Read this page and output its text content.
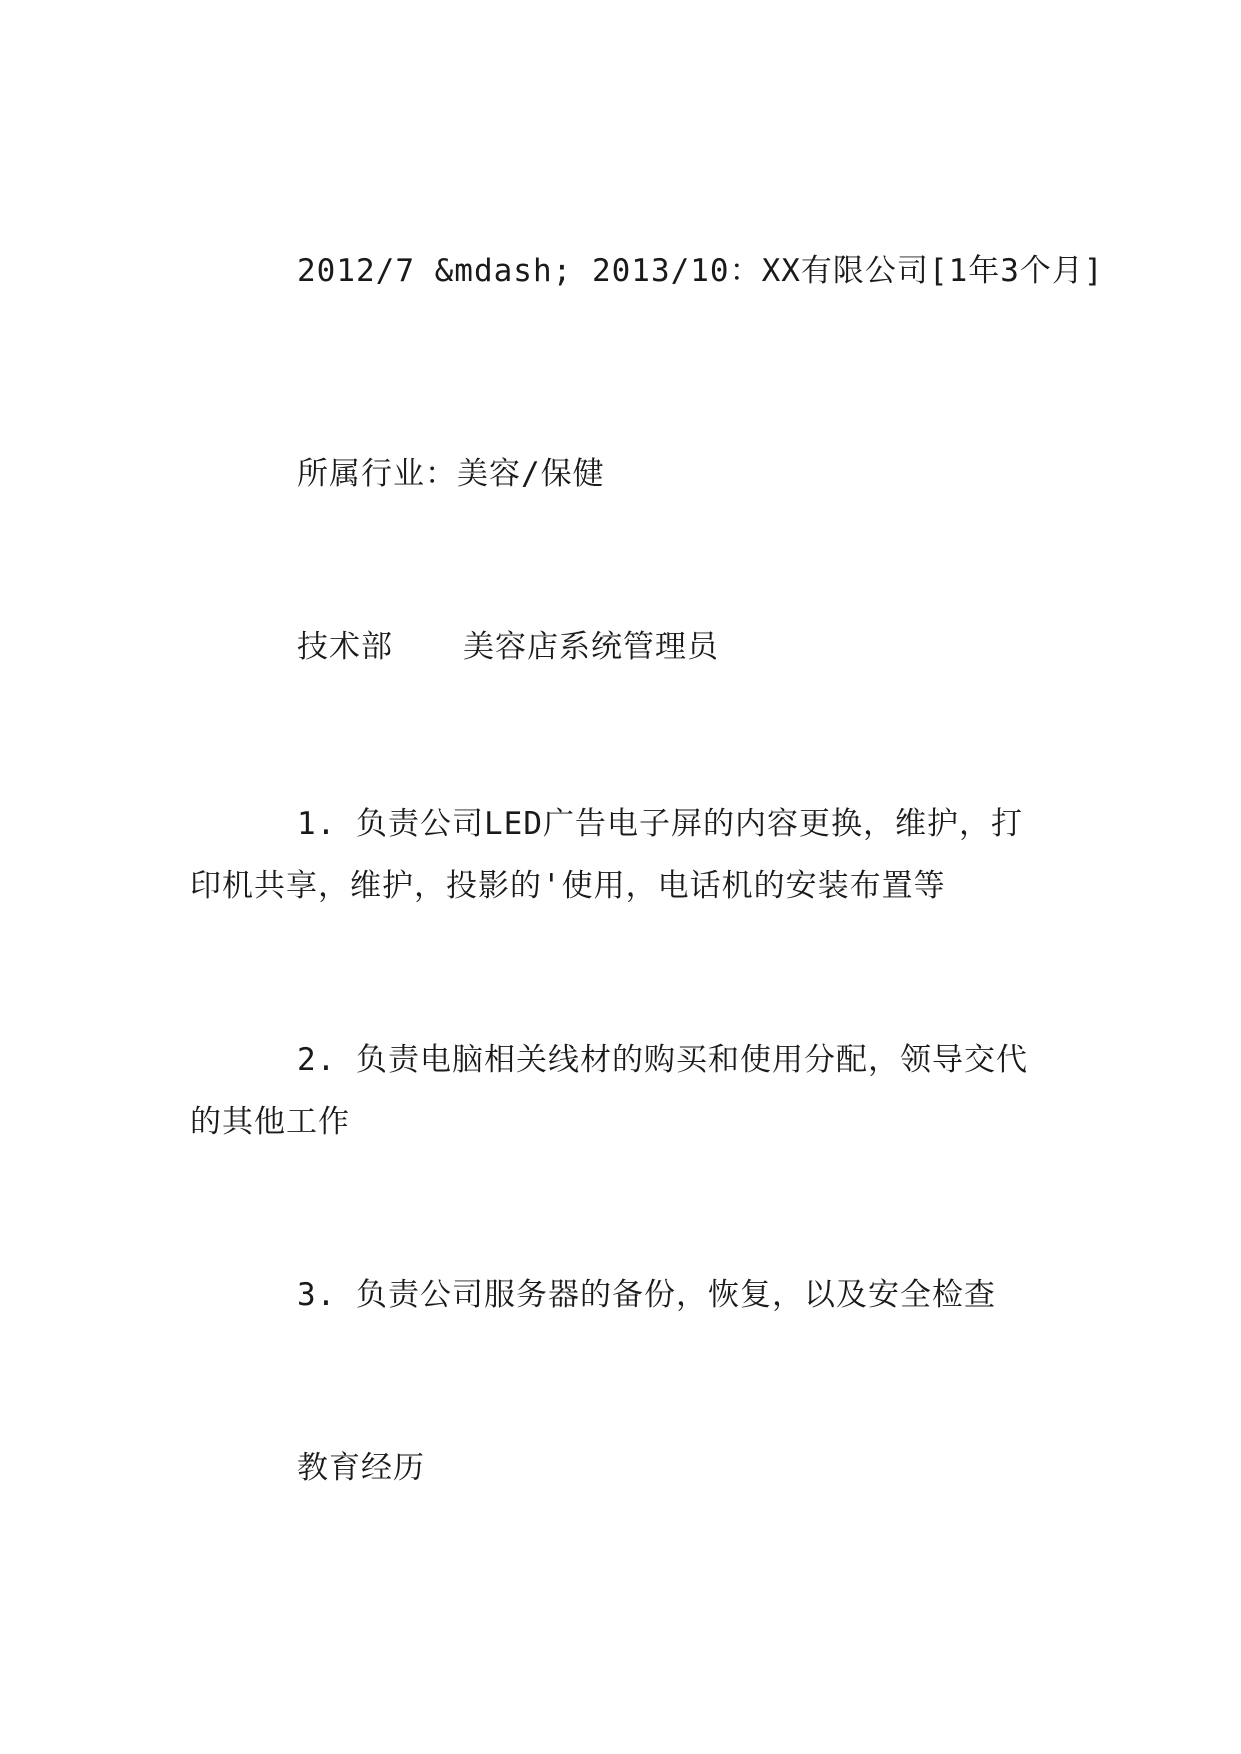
2012/7 &mdash; 2013/10：XX有限公司[1年3个月]
所属行业：美容/保健
技术部 美容店系统管理员
1. 负责公司LED广告电子屏的内容更换，维护，打印机共享，维护，投影的'使用，电话机的安装布置等
2. 负责电脑相关线材的购买和使用分配，领导交代的其他工作
3. 负责公司服务器的备份，恢复，以及安全检查
教育经历
